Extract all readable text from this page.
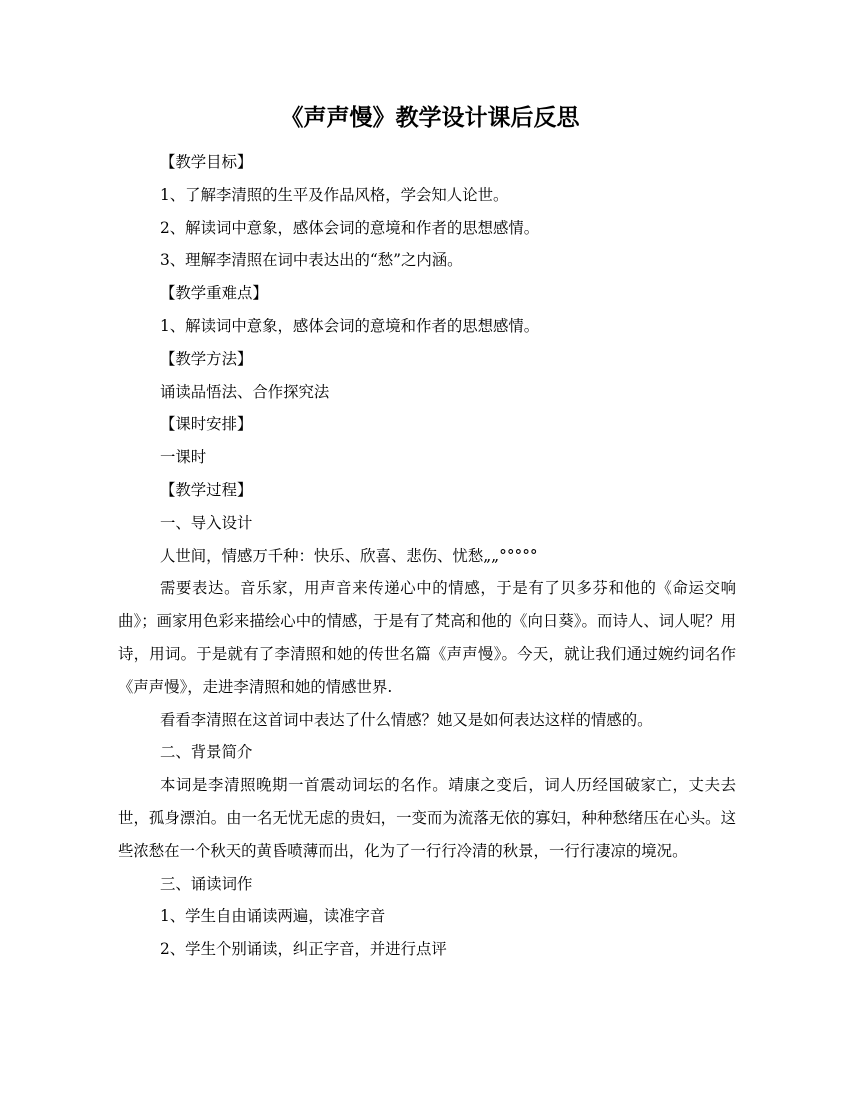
《声声慢》教学设计课后反思
【教学目标】
1、了解李清照的生平及作品风格，学会知人论世。
2、解读词中意象，感体会词的意境和作者的思想感情。
3、理解李清照在词中表达出的“愁”之内涵。
【教学重难点】
1、解读词中意象，感体会词的意境和作者的思想感情。
【教学方法】
诵读品悟法、合作探究法
【课时安排】
一课时
【教学过程】
一、导入设计
人世间，情感万千种：快乐、欣喜、悲伤、忧愁„„°°°°°
需要表达。音乐家，用声音来传递心中的情感，于是有了贝多芬和他的《命运交响曲》；画家用色彩来描绘心中的情感，于是有了梵高和他的《向日葵》。而诗人、词人呢？用诗，用词。于是就有了李清照和她的传世名篇《声声慢》。今天，就让我们通过婉约词名作《声声慢》，走进李清照和她的情感世界.
看看李清照在这首词中表达了什么情感？她又是如何表达这样的情感的。
二、背景简介
本词是李清照晚期一首震动词坛的名作。靖康之变后，词人历经国破家亡，丈夫去世，孤身漂泊。由一名无忧无虑的贵妇，一变而为流落无依的寡妇，种种愁绪压在心头。这些浓愁在一个秋天的黄昏喷薄而出，化为了一行行冷清的秋景，一行行凄凉的境况。
三、诵读词作
1、学生自由诵读两遍，读准字音
2、学生个别诵读，纠正字音，并进行点评
